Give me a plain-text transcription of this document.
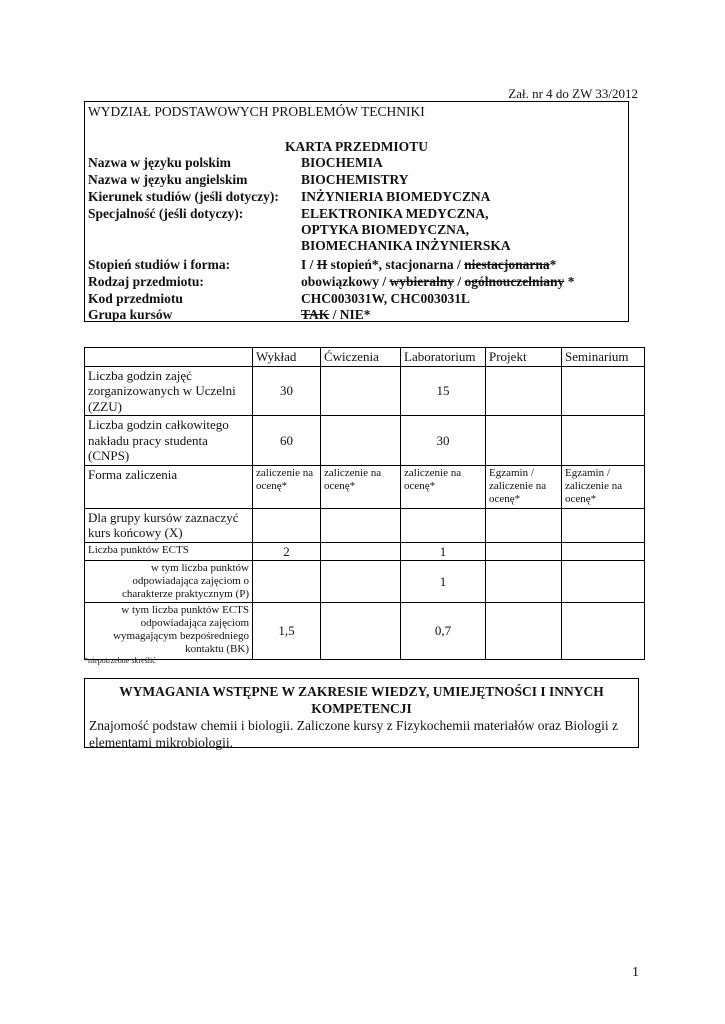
Zał. nr 4 do ZW 33/2012
WYDZIAŁ PODSTAWOWYCH PROBLEMÓW TECHNIKI
KARTA PRZEDMIOTU
Nazwa w języku polskim	BIOCHEMIA
Nazwa w języku angielskim	BIOCHEMISTRY
Kierunek studiów (jeśli dotyczy):	INŻYNIERIA BIOMEDYCZNA
Specjalność (jeśli dotyczy):	ELEKTRONIKA MEDYCZNA,
OPTYKA BIOMEDYCZNA,
BIOMECHANIKA INŻYNIERSKA
Stopień studiów i forma:	I / II stopień*, stacjonarna / niestacjonarna*
Rodzaj przedmiotu:	obowiązkowy / wybieralny / ogólnouczelniany *
Kod przedmiotu	CHC003031W, CHC003031L
Grupa kursów	TAK / NIE*
	Wykład	Ćwiczenia	Laboratorium	Projekt	Seminarium
Liczba godzin zajęć zorganizowanych w Uczelni (ZZU)	30		15		
Liczba godzin całkowitego nakładu pracy studenta (CNPS)	60		30		
Forma zaliczenia	zaliczenie na ocenę*	zaliczenie na ocenę*	zaliczenie na ocenę*	Egzamin / zaliczenie na ocenę*	Egzamin / zaliczenie na ocenę*
Dla grupy kursów zaznaczyć kurs końcowy (X)					
Liczba punktów ECTS	2		1		
w tym liczba punktów odpowiadająca zajęciom o charakterze praktycznym (P)			1		
w tym liczba punktów ECTS odpowiadająca zajęciom wymagającym bezpośredniego kontaktu (BK)	1,5		0,7		
*niepotrzebne skreślić
WYMAGANIA WSTĘPNE W ZAKRESIE WIEDZY, UMIEJĘTNOŚCI I INNYCH KOMPETENCJI
Znajomość podstaw chemii i biologii. Zaliczone kursy z Fizykochemii materiałów oraz Biologii z elementami mikrobiologii.
1
